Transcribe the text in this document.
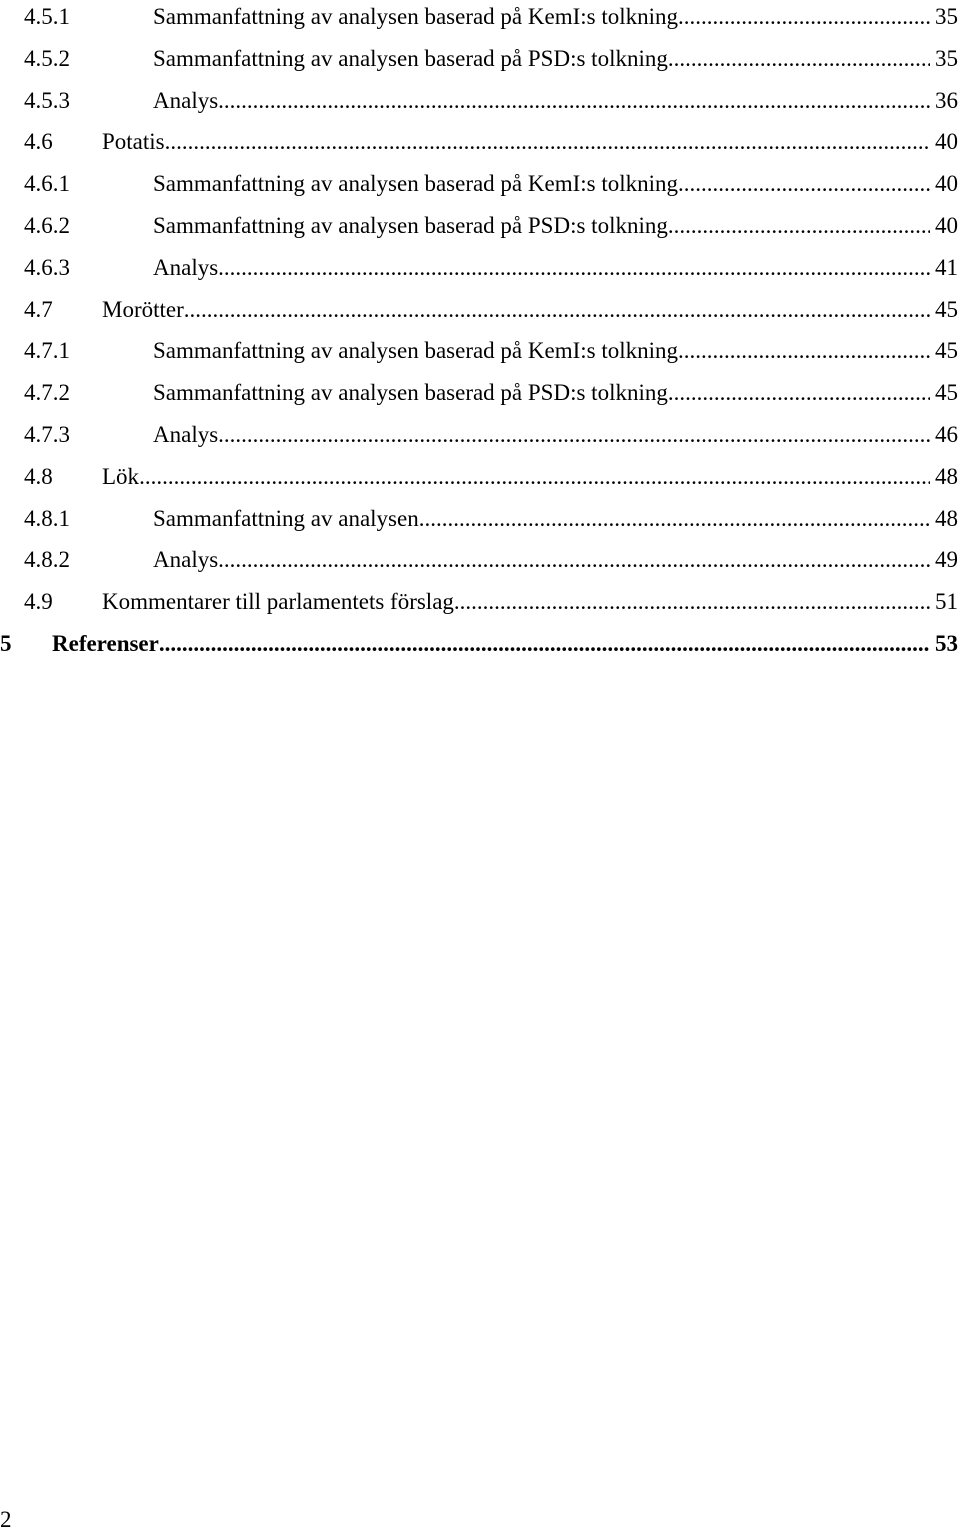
4.5.1	Sammanfattning av analysen baserad på KemI:s tolkning .....	35
4.5.2	Sammanfattning av analysen baserad på PSD:s tolkning .....	35
4.5.3	Analys .....	36
4.6 Potatis .....	40
4.6.1	Sammanfattning av analysen baserad på KemI:s tolkning .....	40
4.6.2	Sammanfattning av analysen baserad på PSD:s tolkning .....	40
4.6.3	Analys .....	41
4.7 Morötter .....	45
4.7.1	Sammanfattning av analysen baserad på KemI:s tolkning .....	45
4.7.2	Sammanfattning av analysen baserad på PSD:s tolkning .....	45
4.7.3	Analys .....	46
4.8 Lök .....	48
4.8.1	Sammanfattning av analysen .....	48
4.8.2	Analys .....	49
4.9 Kommentarer till parlamentets förslag .....	51
5 Referenser .....	53
2
